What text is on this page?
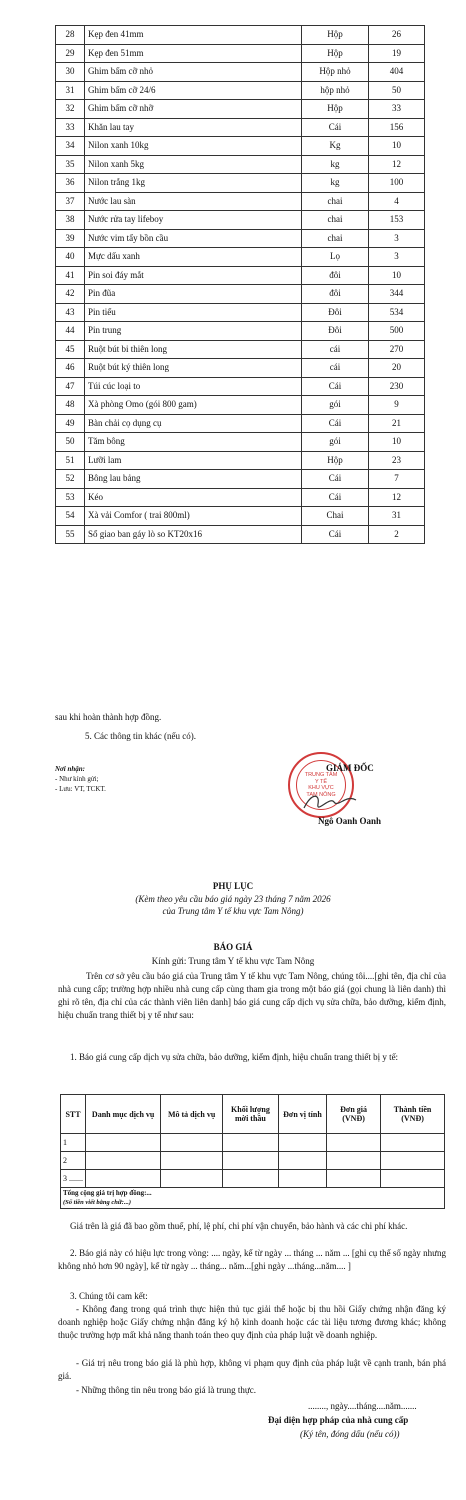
28	Kẹp đen 41mm	Hộp	26
29	Kẹp đen 51mm	Hộp	19
30	Ghim bấm cỡ nhỏ	Hộp nhỏ	404
31	Ghim bấm cỡ 24/6	hộp nhỏ	50
32	Ghim bấm cỡ nhỡ	Hộp	33
33	Khăn lau tay	Cái	156
34	Nilon xanh 10kg	Kg	10
35	Nilon xanh 5kg	kg	12
36	Nilon trắng 1kg	kg	100
37	Nước lau sàn	chai	4
38	Nước rửa tay lifeboy	chai	153
39	Nước vim tẩy bồn cầu	chai	3
40	Mực dấu xanh	Lọ	3
41	Pin soi đáy mắt	đôi	10
42	Pin đũa	đôi	344
43	Pin tiểu	Đôi	534
44	Pin trung	Đôi	500
45	Ruột bút bi thiên long	cái	270
46	Ruột bút ký thiên long	cái	20
47	Túi cúc loại to	Cái	230
48	Xà phòng Omo (gói 800 gam)	gói	9
49	Bàn chải cọ dụng cụ	Cái	21
50	Tăm bông	gói	10
51	Lưỡi lam	Hộp	23
52	Bông lau bảng	Cái	7
53	Kéo	Cái	12
54	Xà vải Comfor ( trai 800ml)	Chai	31
55	Sổ giao ban gáy lò so KT20x16	Cái	2
sau khi hoàn thành hợp đồng.
5. Các thông tin khác (nếu có).
Nơi nhận:
- Như kính gửi;
- Lưu: VT, TCKT.
TRUNG TÂM
Y TẾ
KHU VỰC
TAM NÔNG
GIÁM ĐỐC
Ngô Oanh Oanh
PHỤ LỤC
(Kèm theo yêu cầu báo giá ngày 23 tháng 7 năm 2026
của Trung tâm Y tế khu vực Tam Nông)
BÁO GIÁ
Kính gửi: Trung tâm Y tế khu vực Tam Nông
Trên cơ sở yêu cầu báo giá của Trung tâm Y tế khu vực Tam Nông, chúng tôi....[ghi tên, địa chỉ của nhà cung cấp; trường hợp nhiều nhà cung cấp cùng tham gia trong một báo giá (gọi chung là liên danh) thì ghi rõ tên, địa chỉ của các thành viên liên danh] báo giá cung cấp dịch vụ sửa chữa, bảo dưỡng, kiểm định, hiệu chuẩn trang thiết bị y tế như sau:
1. Báo giá cung cấp dịch vụ sửa chữa, bảo dưỡng, kiểm định, hiệu chuẩn trang thiết bị y tế:
STT	Danh mục dịch vụ	Mô tả dịch vụ	Khối lượng mời thầu	Đơn vị tính	Đơn giá (VNĐ)	Thành tiền (VNĐ)
1						
2						
3 .......						

Tổng cộng giá trị hợp đồng:...
(Số tiền viết bằng chữ:...)						
Giá trên là giá đã bao gồm thuế, phí, lệ phí, chi phí vận chuyển, bảo hành và các chi phí khác.
2. Báo giá này có hiệu lực trong vòng: .... ngày, kể từ ngày ... tháng ... năm ... [ghi cụ thể số ngày nhưng không nhỏ hơn 90 ngày], kể từ ngày ... tháng... năm...[ghi ngày ...tháng...năm.... ]
3. Chúng tôi cam kết:
- Không đang trong quá trình thực hiện thủ tục giải thể hoặc bị thu hồi Giấy chứng nhận đăng ký doanh nghiệp hoặc Giấy chứng nhận đăng ký hộ kinh doanh hoặc các tài liệu tương đương khác; không thuộc trường hợp mất khả năng thanh toán theo quy định của pháp luật về doanh nghiệp.
- Giá trị nêu trong báo giá là phù hợp, không vi phạm quy định của pháp luật về cạnh tranh, bán phá giá.
- Những thông tin nêu trong báo giá là trung thực.
........, ngày....tháng....năm.......
Đại diện hợp pháp của nhà cung cấp
(Ký tên, đóng dấu (nếu có))
